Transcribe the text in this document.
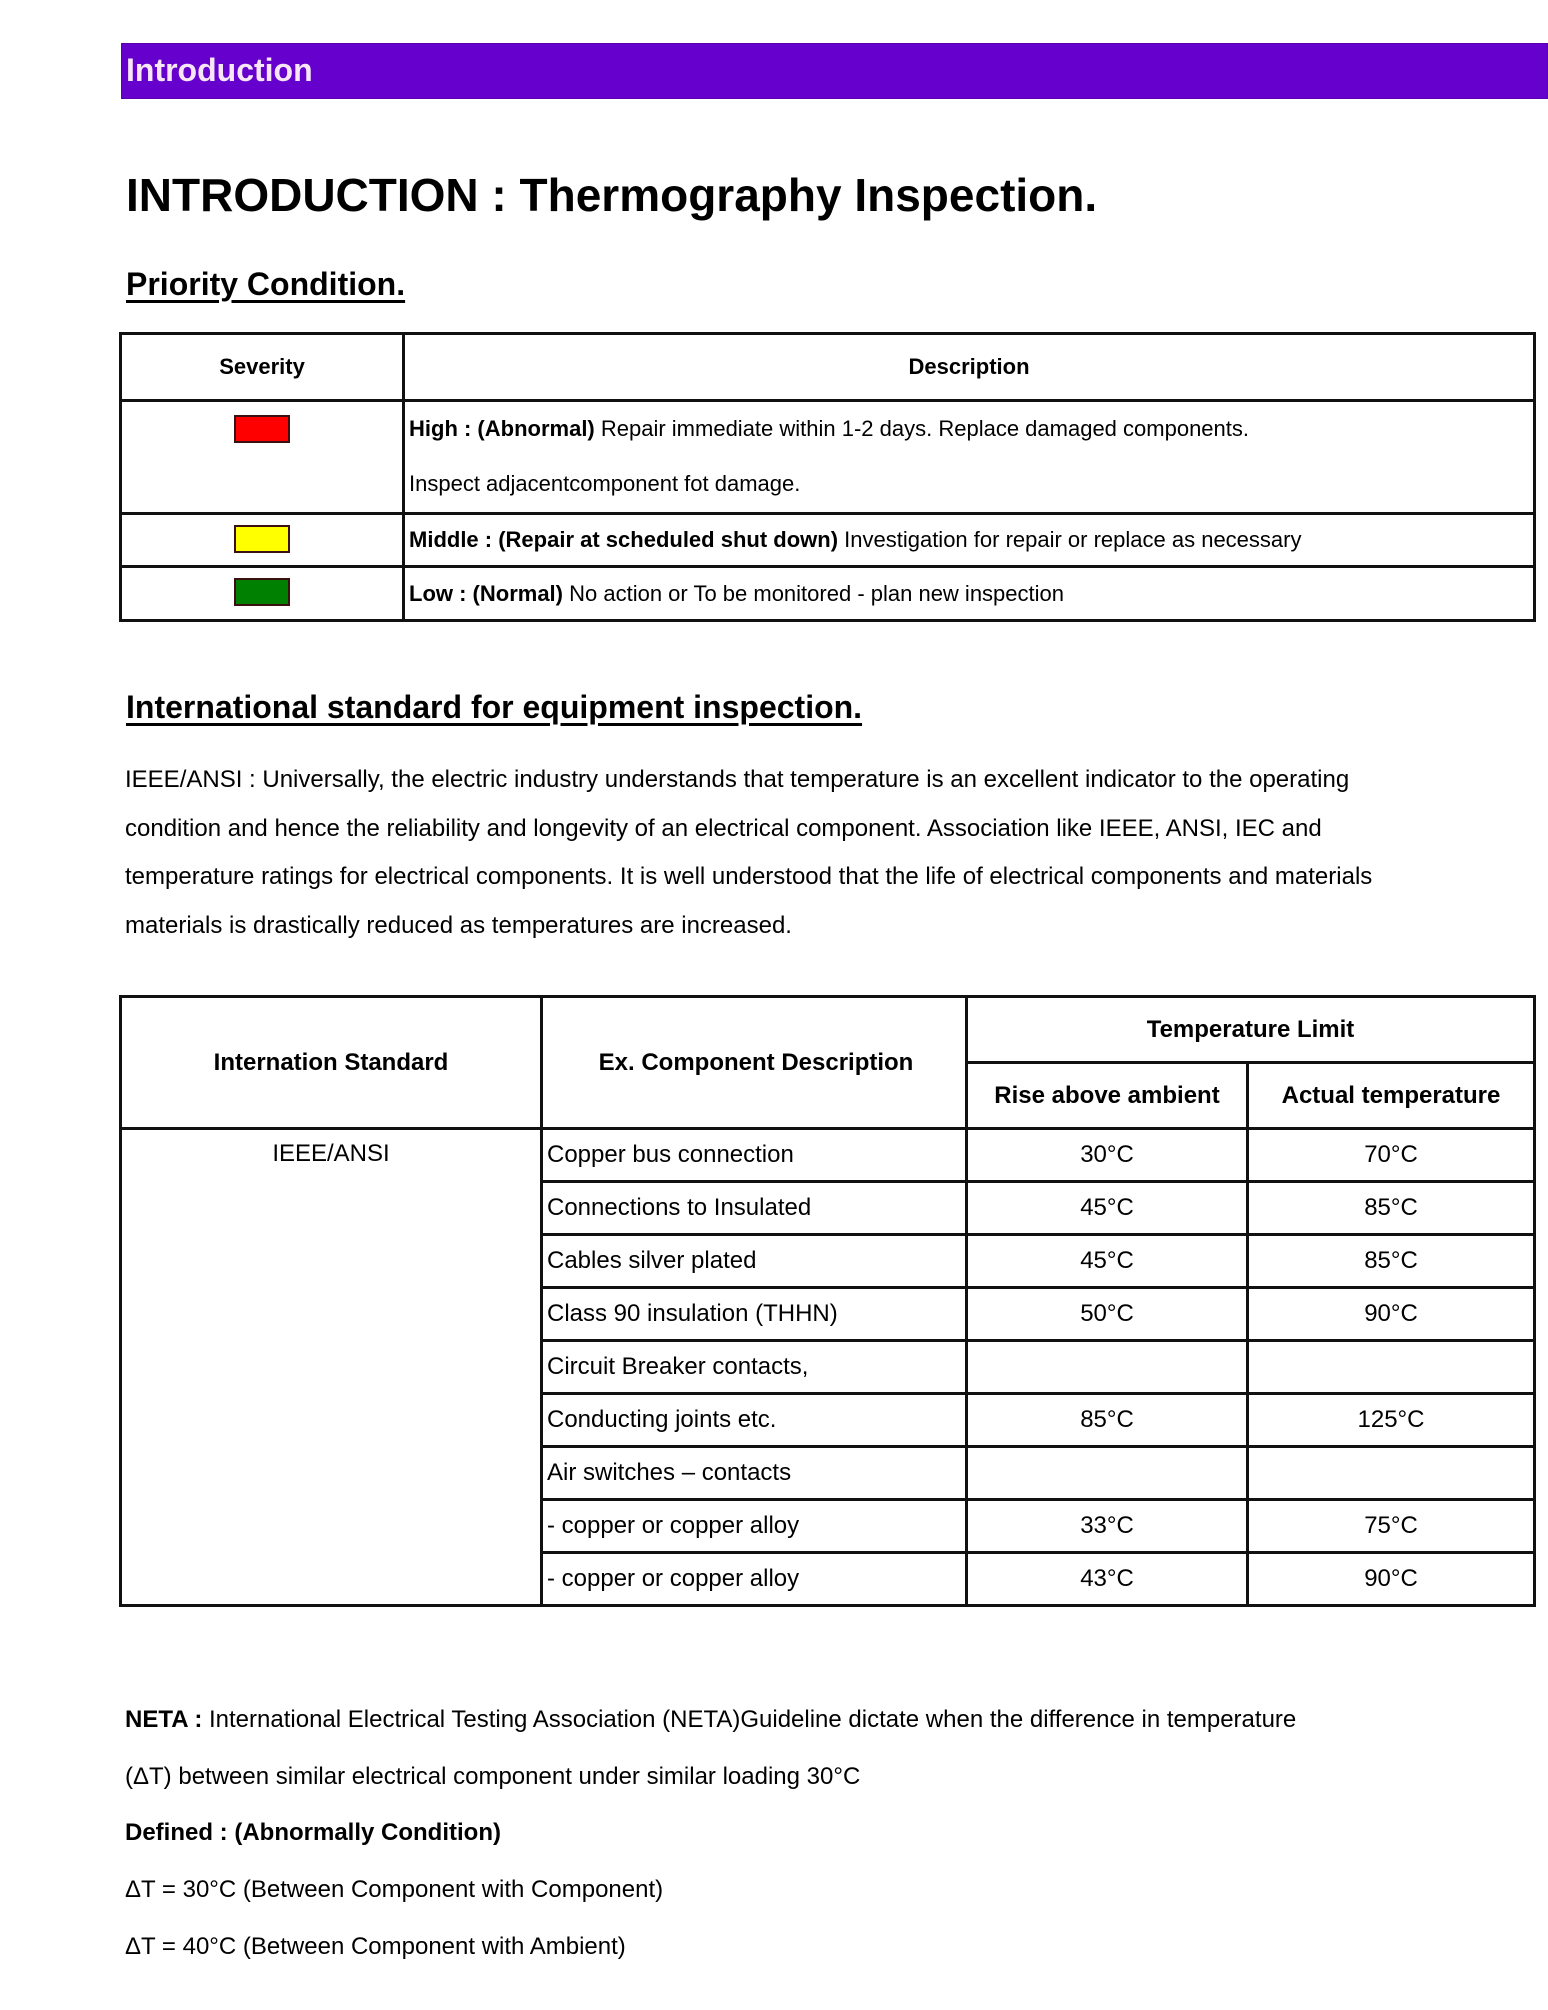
Introduction
INTRODUCTION : Thermography Inspection.
Priority Condition.
Severity	Description

	High : (Abnormal) Repair immediate within 1-2 days. Replace damaged components.
Inspect adjacentcomponent fot damage.

	Middle : (Repair at scheduled shut down) Investigation for repair or replace as necessary

	Low : (Normal) No action or To be monitored - plan new inspection
International standard for equipment inspection.
IEEE/ANSI : Universally, the electric industry understands that temperature is an excellent indicator to the operating
condition and hence the reliability and longevity of an electrical component. Association like IEEE, ANSI, IEC and
temperature ratings for electrical components. It is well understood that the life of electrical components and materials
materials is drastically reduced as temperatures are increased.
Internation Standard	Ex. Component Description	Temperature Limit	
		Rise above ambient	Actual temperature
IEEE/ANSI	Copper bus connection	30°C	70°C
	Connections to Insulated	45°C	85°C
	Cables silver plated	45°C	85°C
	Class 90 insulation (THHN)	50°C	90°C
	Circuit Breaker contacts,		
	Conducting joints etc.	85°C	125°C
	Air switches – contacts		
	- copper or copper alloy	33°C	75°C
	- copper or copper alloy	43°C	90°C
NETA : International Electrical Testing Association (NETA)Guideline dictate when the difference in temperature
(ΔT) between similar electrical component under similar loading 30°C
Defined : (Abnormally Condition)
ΔT = 30°C (Between Component with Component)
ΔT = 40°C (Between Component with Ambient)
